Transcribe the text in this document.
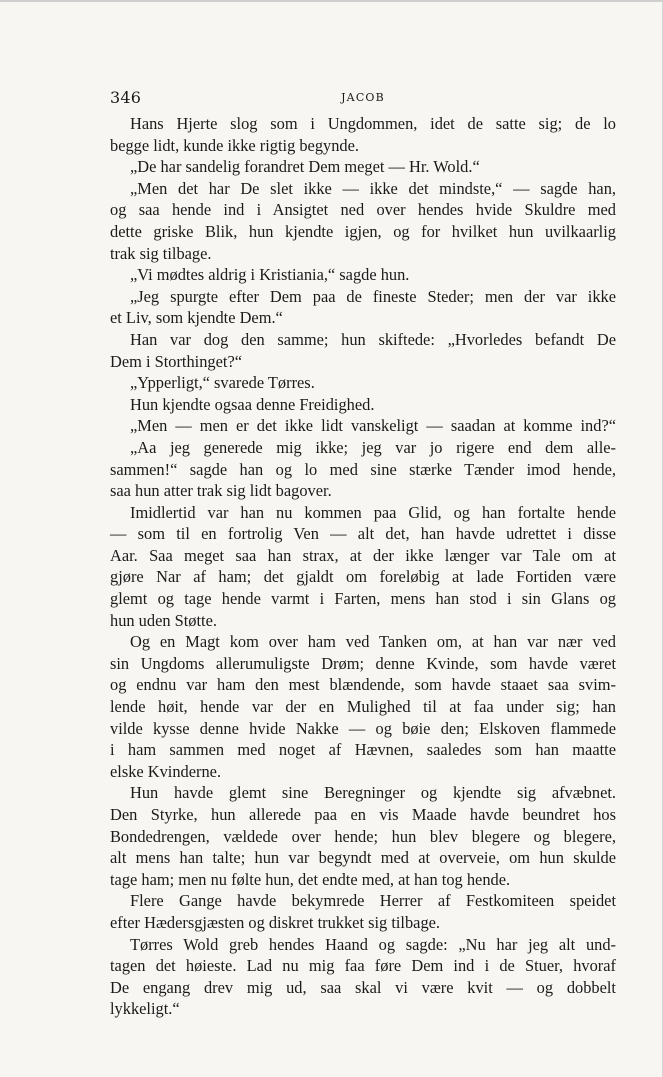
346	JACOB
Hans Hjerte slog som i Ungdommen, idet de satte sig; de lo
begge lidt, kunde ikke rigtig begynde.
„De har sandelig forandret Dem meget — Hr. Wold.“
„Men det har De slet ikke — ikke det mindste,“ — sagde han,
og saa hende ind i Ansigtet ned over hendes hvide Skuldre med
dette griske Blik, hun kjendte igjen, og for hvilket hun uvilkaarlig
trak sig tilbage.
„Vi mødtes aldrig i Kristiania,“ sagde hun.
„Jeg spurgte efter Dem paa de fineste Steder; men der var ikke
et Liv, som kjendte Dem.“
Han var dog den samme; hun skiftede: „Hvorledes befandt De
Dem i Storthinget?“
„Ypperligt,“ svarede Tørres.
Hun kjendte ogsaa denne Freidighed.
„Men — men er det ikke lidt vanskeligt — saadan at komme ind?“
„Aa jeg generede mig ikke; jeg var jo rigere end dem alle-
sammen!“ sagde han og lo med sine stærke Tænder imod hende,
saa hun atter trak sig lidt bagover.
Imidlertid var han nu kommen paa Glid, og han fortalte hende
— som til en fortrolig Ven — alt det, han havde udrettet i disse
Aar. Saa meget saa han strax, at der ikke længer var Tale om at
gjøre Nar af ham; det gjaldt om foreløbig at lade Fortiden være
glemt og tage hende varmt i Farten, mens han stod i sin Glans og
hun uden Støtte.
Og en Magt kom over ham ved Tanken om, at han var nær ved
sin Ungdoms allerumuligste Drøm; denne Kvinde, som havde været
og endnu var ham den mest blændende, som havde staaet saa svim-
lende høit, hende var der en Mulighed til at faa under sig; han
vilde kysse denne hvide Nakke — og bøie den; Elskoven flammede
i ham sammen med noget af Hævnen, saaledes som han maatte
elske Kvinderne.
Hun havde glemt sine Beregninger og kjendte sig afvæbnet.
Den Styrke, hun allerede paa en vis Maade havde beundret hos
Bondedrengen, vældede over hende; hun blev blegere og blegere,
alt mens han talte; hun var begyndt med at overveie, om hun skulde
tage ham; men nu følte hun, det endte med, at han tog hende.
Flere Gange havde bekymrede Herrer af Festkomiteen speidet
efter Hædersgjæsten og diskret trukket sig tilbage.
Tørres Wold greb hendes Haand og sagde: „Nu har jeg alt und-
tagen det høieste. Lad nu mig faa føre Dem ind i de Stuer, hvoraf
De engang drev mig ud, saa skal vi være kvit — og dobbelt
lykkeligt.“
